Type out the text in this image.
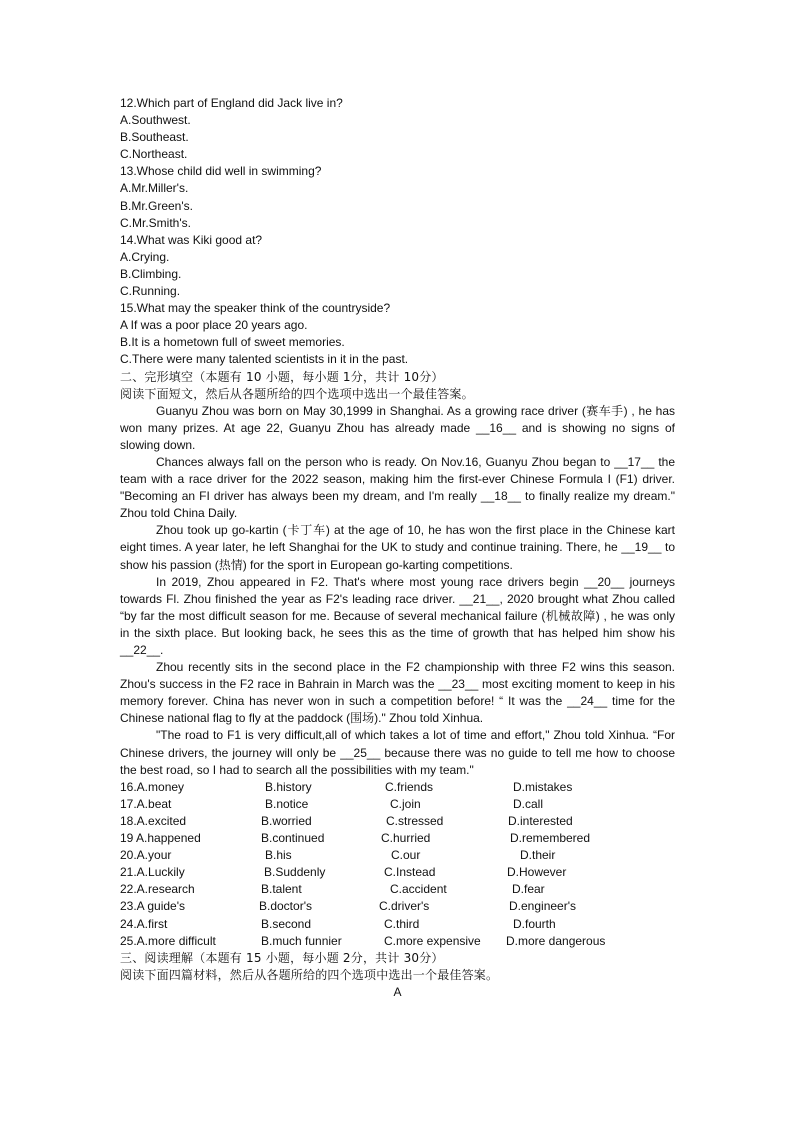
12.Which part of England did Jack live in?
A.Southwest.
B.Southeast.
C.Northeast.
13.Whose child did well in swimming?
A.Mr.Miller's.
B.Mr.Green's.
C.Mr.Smith's.
14.What was Kiki good at?
A.Crying.
B.Climbing.
C.Running.
15.What may the speaker think of the countryside?
A If was a poor place 20 years ago.
B.It is a hometown full of sweet memories.
C.There were many talented scientists in it in the past.
二、完形填空（本题有 10 小题，每小题 1分，共计 10分）
阅读下面短文，然后从各题所给的四个选项中选出一个最佳答案。

Guanyu Zhou was born on May 30,1999 in Shanghai. As a growing race driver (赛车手) , he has won many prizes. At age 22, Guanyu Zhou has already made __16__ and is showing no signs of slowing down.

Chances always fall on the person who is ready. On Nov.16, Guanyu Zhou began to __17__ the team with a race driver for the 2022 season, making him the first-ever Chinese Formula I (F1) driver. "Becoming an FI driver has always been my dream, and I'm really __18__ to finally realize my dream." Zhou told China Daily.

Zhou took up go-kartin (卡丁车) at the age of 10, he has won the first place in the Chinese kart eight times. A year later, he left Shanghai for the UK to study and continue training. There, he __19__ to show his passion (热情) for the sport in European go-karting competitions.

In 2019, Zhou appeared in F2. That's where most young race drivers begin __20__ journeys towards Fl. Zhou finished the year as F2's leading race driver. __21__, 2020 brought what Zhou called “by far the most difficult season for me. Because of several mechanical failure (机械故障) , he was only in the sixth place. But looking back, he sees this as the time of growth that has helped him show his __22__.

Zhou recently sits in the second place in the F2 championship with three F2 wins this season. Zhou's success in the F2 race in Bahrain in March was the __23__ most exciting moment to keep in his memory forever. China has never won in such a competition before! “ It was the __24__ time for the Chinese national flag to fly at the paddock (围场)." Zhou told Xinhua.

"The road to F1 is very difficult,all of which takes a lot of time and effort," Zhou told Xinhua. “For Chinese drivers, the journey will only be __25__ because there was no guide to tell me how to choose the best road, so I had to search all the possibilities with my team."

16.A.money	B.history	C.friends	D.mistakes
17.A.beat	B.notice	C.join	D.call
18.A.excited	B.worried	C.stressed	D.interested
19 A.happened	B.continued	C.hurried	D.remembered
20.A.your	B.his	C.our	D.their
21.A.Luckily	B.Suddenly	C.Instead	D.However
22.A.research	B.talent	C.accident	D.fear
23.A guide's	B.doctor's	C.driver's	D.engineer's
24.A.first	B.second	C.third	D.fourth
25.A.more difficult	B.much funnier	C.more expensive D.more dangerous
三、阅读理解（本题有 15 小题，每小题 2分，共计 30分）
阅读下面四篇材料，然后从各题所给的四个选项中选出一个最佳答案。
A
